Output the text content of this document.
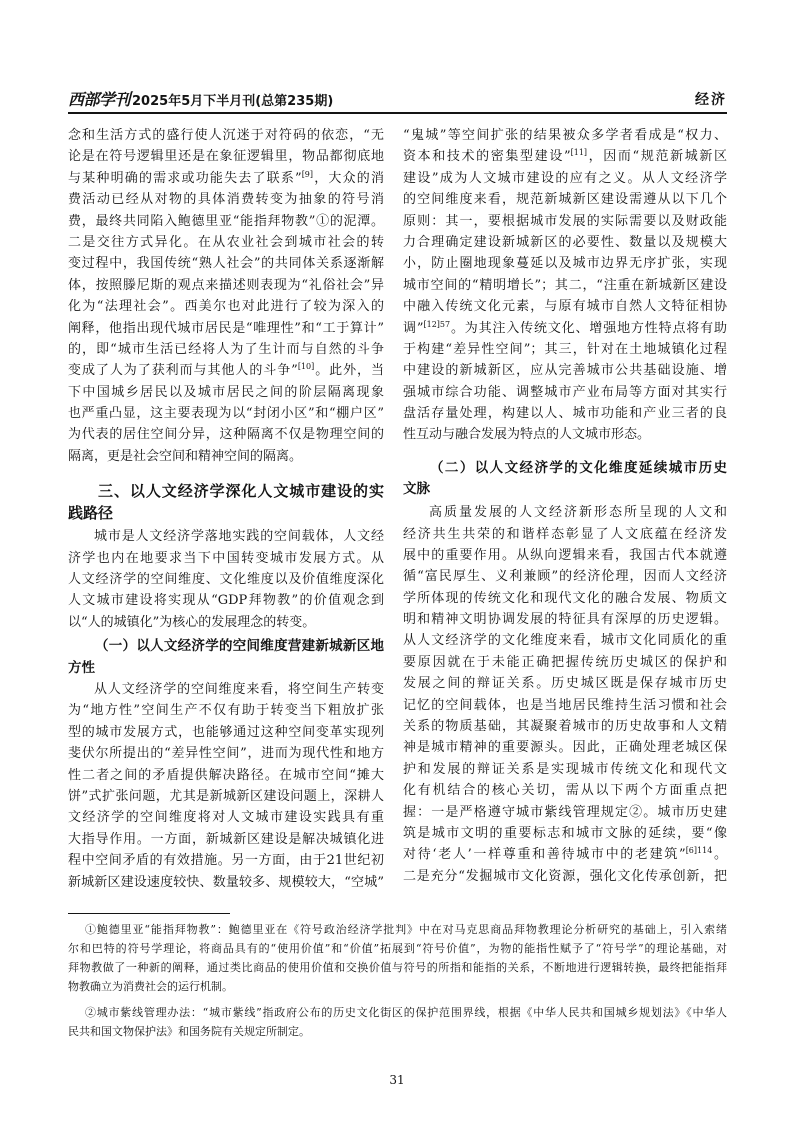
西部学刊 2025年5月下半月刊(总第235期)	经济
念和生活方式的盛行使人沉迷于对符码的依恋，“无
论是在符号逻辑里还是在象征逻辑里，物品都彻底地
与某种明确的需求或功能失去了联系”[9]，大众的消
费活动已经从对物的具体消费转变为抽象的符号消
费，最终共同陷入鲍德里亚“能指拜物教”①的泥潭。
二是交往方式异化。在从农业社会到城市社会的转
变过程中，我国传统“熟人社会”的共同体关系逐渐解
体，按照滕尼斯的观点来描述则表现为“礼俗社会”异
化为“法理社会”。西美尔也对此进行了较为深入的
阐释，他指出现代城市居民是“唯理性”和“工于算计”
的，即“城市生活已经将人为了生计而与自然的斗争
变成了人为了获利而与其他人的斗争”[10]。此外，当
下中国城乡居民以及城市居民之间的阶层隔离现象
也严重凸显，这主要表现为以“封闭小区”和“棚户区”
为代表的居住空间分异，这种隔离不仅是物理空间的
隔离，更是社会空间和精神空间的隔离。
三、以人文经济学深化人文城市建设的实
践路径
城市是人文经济学落地实践的空间载体，人文经
济学也内在地要求当下中国转变城市发展方式。从
人文经济学的空间维度、文化维度以及价值维度深化
人文城市建设将实现从“GDP拜物教”的价值观念到
以“人的城镇化”为核心的发展理念的转变。
（一）以人文经济学的空间维度营建新城新区地
方性
从人文经济学的空间维度来看，将空间生产转变
为“地方性”空间生产不仅有助于转变当下粗放扩张
型的城市发展方式，也能够通过这种空间变革实现列
斐伏尔所提出的“差异性空间”，进而为现代性和地方
性二者之间的矛盾提供解决路径。在城市空间“摊大
饼”式扩张问题，尤其是新城新区建设问题上，深耕人
文经济学的空间维度将对人文城市建设实践具有重
大指导作用。一方面，新城新区建设是解决城镇化进
程中空间矛盾的有效措施。另一方面，由于21世纪初
新城新区建设速度较快、数量较多、规模较大，“空城”
“鬼城”等空间扩张的结果被众多学者看成是“权力、
资本和技术的密集型建设”[11]，因而“规范新城新区
建设”成为人文城市建设的应有之义。从人文经济学
的空间维度来看，规范新城新区建设需遵从以下几个
原则：其一，要根据城市发展的实际需要以及财政能
力合理确定建设新城新区的必要性、数量以及规模大
小，防止圈地现象蔓延以及城市边界无序扩张，实现
城市空间的“精明增长”；其二，“注重在新城新区建设
中融入传统文化元素，与原有城市自然人文特征相协
调”$^{[12]57}$。为其注入传统文化、增强地方性特点将有助
于构建“差异性空间”；其三，针对在土地城镇化过程
中建设的新城新区，应从完善城市公共基础设施、增
强城市综合功能、调整城市产业布局等方面对其实行
盘活存量处理，构建以人、城市功能和产业三者的良
性互动与融合发展为特点的人文城市形态。
（二）以人文经济学的文化维度延续城市历史
文脉
高质量发展的人文经济新形态所呈现的人文和
经济共生共荣的和谐样态彰显了人文底蕴在经济发
展中的重要作用。从纵向逻辑来看，我国古代本就遵
循“富民厚生、义利兼顾”的经济伦理，因而人文经济
学所体现的传统文化和现代文化的融合发展、物质文
明和精神文明协调发展的特征具有深厚的历史逻辑。
从人文经济学的文化维度来看，城市文化同质化的重
要原因就在于未能正确把握传统历史城区的保护和
发展之间的辩证关系。历史城区既是保存城市历史
记忆的空间载体，也是当地居民维持生活习惯和社会
关系的物质基础，其凝聚着城市的历史故事和人文精
神是城市精神的重要源头。因此，正确处理老城区保
护和发展的辩证关系是实现城市传统文化和现代文
化有机结合的核心关切，需从以下两个方面重点把
握：一是严格遵守城市紫线管理规定②。城市历史建
筑是城市文明的重要标志和城市文脉的延续，要“像
对待‘老人’一样尊重和善待城市中的老建筑”$^{[6]114}$。
二是充分“发掘城市文化资源，强化文化传承创新，把
①鲍德里亚“能指拜物教”：鲍德里亚在《符号政治经济学批判》中在对马克思商品拜物教理论分析研究的基础上，引入索绪
尔和巴特的符号学理论，将商品具有的“使用价值”和“价值”拓展到“符号价值”，为物的能指性赋予了“符号学”的理论基础，对
拜物教做了一种新的阐释，通过类比商品的使用价值和交换价值与符号的所指和能指的关系，不断地进行逻辑转换，最终把能指拜
物教确立为消费社会的运行机制。
②城市紫线管理办法：“城市紫线”指政府公布的历史文化街区的保护范围界线，根据《中华人民共和国城乡规划法》《中华人
民共和国文物保护法》和国务院有关规定所制定。
31
